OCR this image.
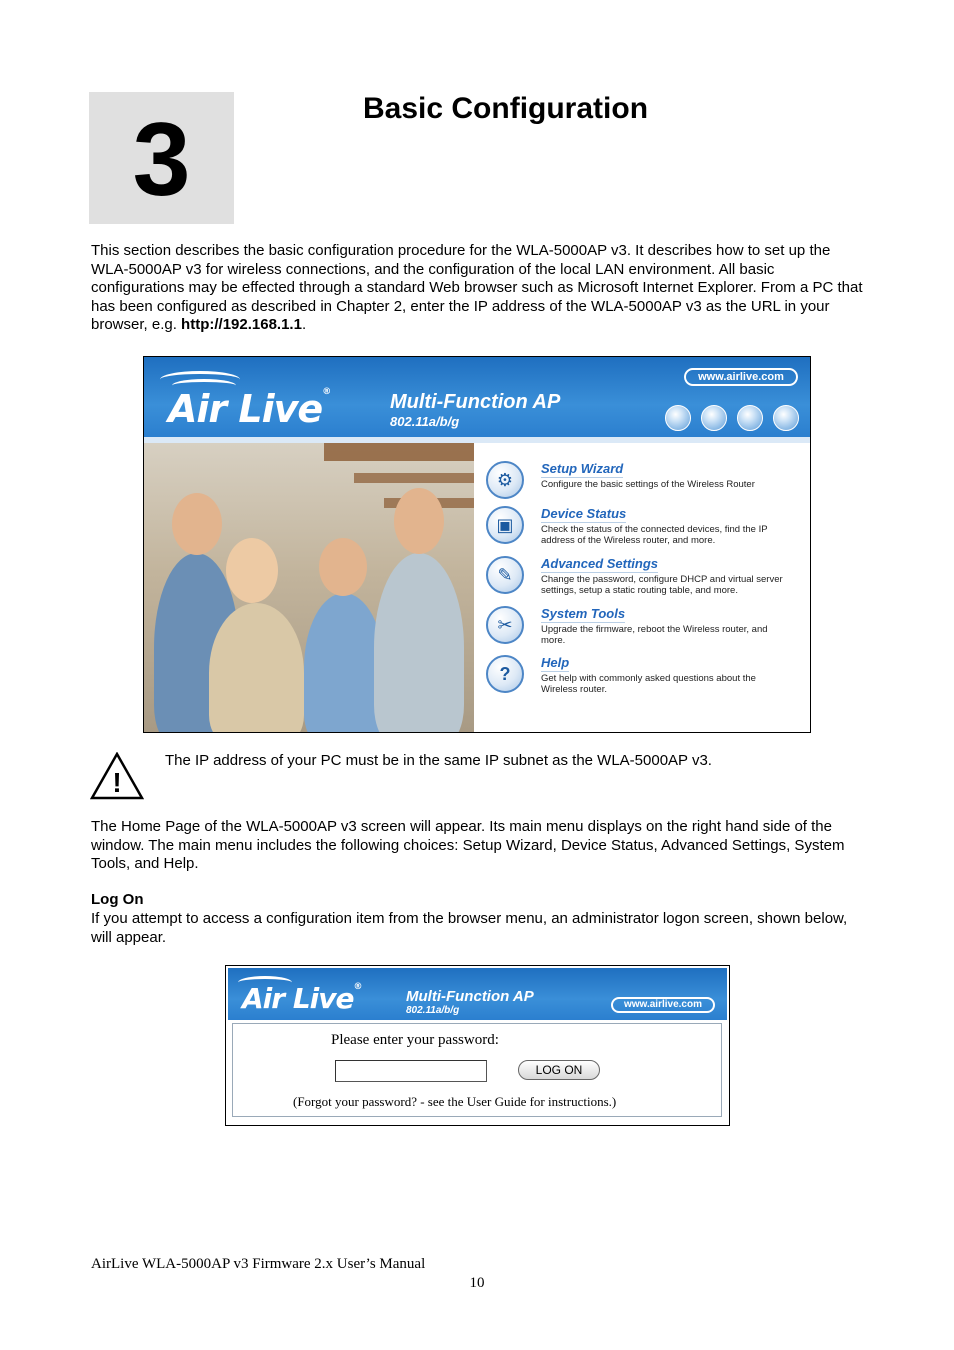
3	Basic Configuration
This section describes the basic configuration procedure for the WLA-5000AP v3. It describes how to set up the WLA-5000AP v3 for wireless connections, and the configuration of the local LAN environment. All basic configurations may be effected through a standard Web browser such as Microsoft Internet Explorer. From a PC that has been configured as described in Chapter 2, enter the IP address of the WLA-5000AP v3 as the URL in your browser, e.g. http://192.168.1.1.
Air Live®	Multi-Function AP
802.11a/b/g
www.airlive.com
⚙
Setup Wizard
Configure the basic settings of the Wireless Router
▣
Device Status
Check the status of the connected devices, find the IP address of the Wireless router, and more.
✎
Advanced Settings
Change the password, configure DHCP and virtual server settings, setup a static routing table, and more.
✂
System Tools
Upgrade the firmware, reboot the Wireless router, and more.
?
Help
Get help with commonly asked questions about the Wireless router.
!
The IP address of your PC must be in the same IP subnet as the WLA-5000AP v3.
The Home Page of the WLA-5000AP v3 screen will appear. Its main menu displays on the right hand side of the window. The main menu includes the following choices: Setup Wizard, Device Status, Advanced Settings, System Tools, and Help.
Log On
If you attempt to access a configuration item from the browser menu, an administrator logon screen, shown below, will appear.
Air Live®
Multi-Function AP
802.11a/b/g
www.airlive.com
Please enter your password:
LOG ON
(Forgot your password? - see the User Guide for instructions.)
AirLive WLA-5000AP v3 Firmware 2.x User’s Manual
10
